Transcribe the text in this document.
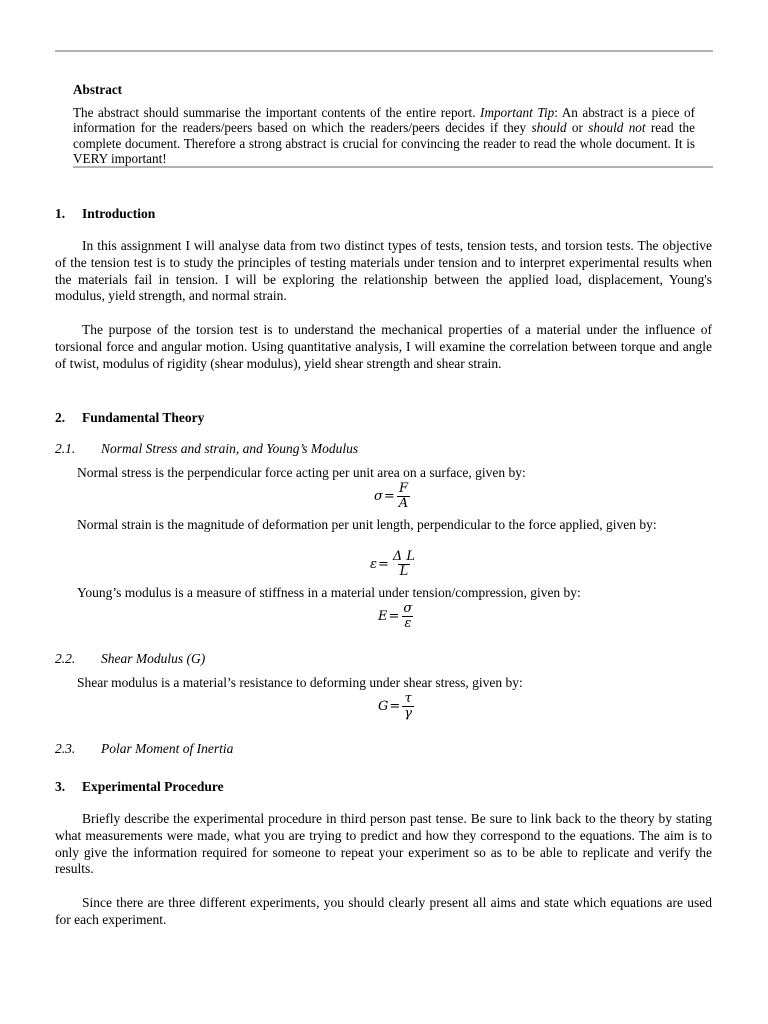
Abstract
The abstract should summarise the important contents of the entire report. Important Tip: An abstract is a piece of information for the readers/peers based on which the readers/peers decides if they should or should not read the complete document. Therefore a strong abstract is crucial for convincing the reader to read the whole document. It is VERY important!
1. Introduction
In this assignment I will analyse data from two distinct types of tests, tension tests, and torsion tests. The objective of the tension test is to study the principles of testing materials under tension and to interpret experimental results when the materials fail in tension. I will be exploring the relationship between the applied load, displacement, Young's modulus, yield strength, and normal strain.
The purpose of the torsion test is to understand the mechanical properties of a material under the influence of torsional force and angular motion. Using quantitative analysis, I will examine the correlation between torque and angle of twist, modulus of rigidity (shear modulus), yield shear strength and shear strain.
2. Fundamental Theory
2.1. Normal Stress and strain, and Young’s Modulus
Normal stress is the perpendicular force acting per unit area on a surface, given by:
$\sigma = \frac{F}{A}$
Normal strain is the magnitude of deformation per unit length, perpendicular to the force applied, given by:
$\varepsilon = \frac{\text{Δ L}}{L}$
Young’s modulus is a measure of stiffness in a material under tension/compression, given by:
$E = \frac{\sigma}{\varepsilon}$
2.2. Shear Modulus (G)
Shear modulus is a material’s resistance to deforming under shear stress, given by:
$G = \frac{\tau}{\gamma}$
2.3. Polar Moment of Inertia
3. Experimental Procedure
Briefly describe the experimental procedure in third person past tense. Be sure to link back to the theory by stating what measurements were made, what you are trying to predict and how they correspond to the equations. The aim is to only give the information required for someone to repeat your experiment so as to be able to replicate and verify the results.
Since there are three different experiments, you should clearly present all aims and state which equations are used for each experiment.
